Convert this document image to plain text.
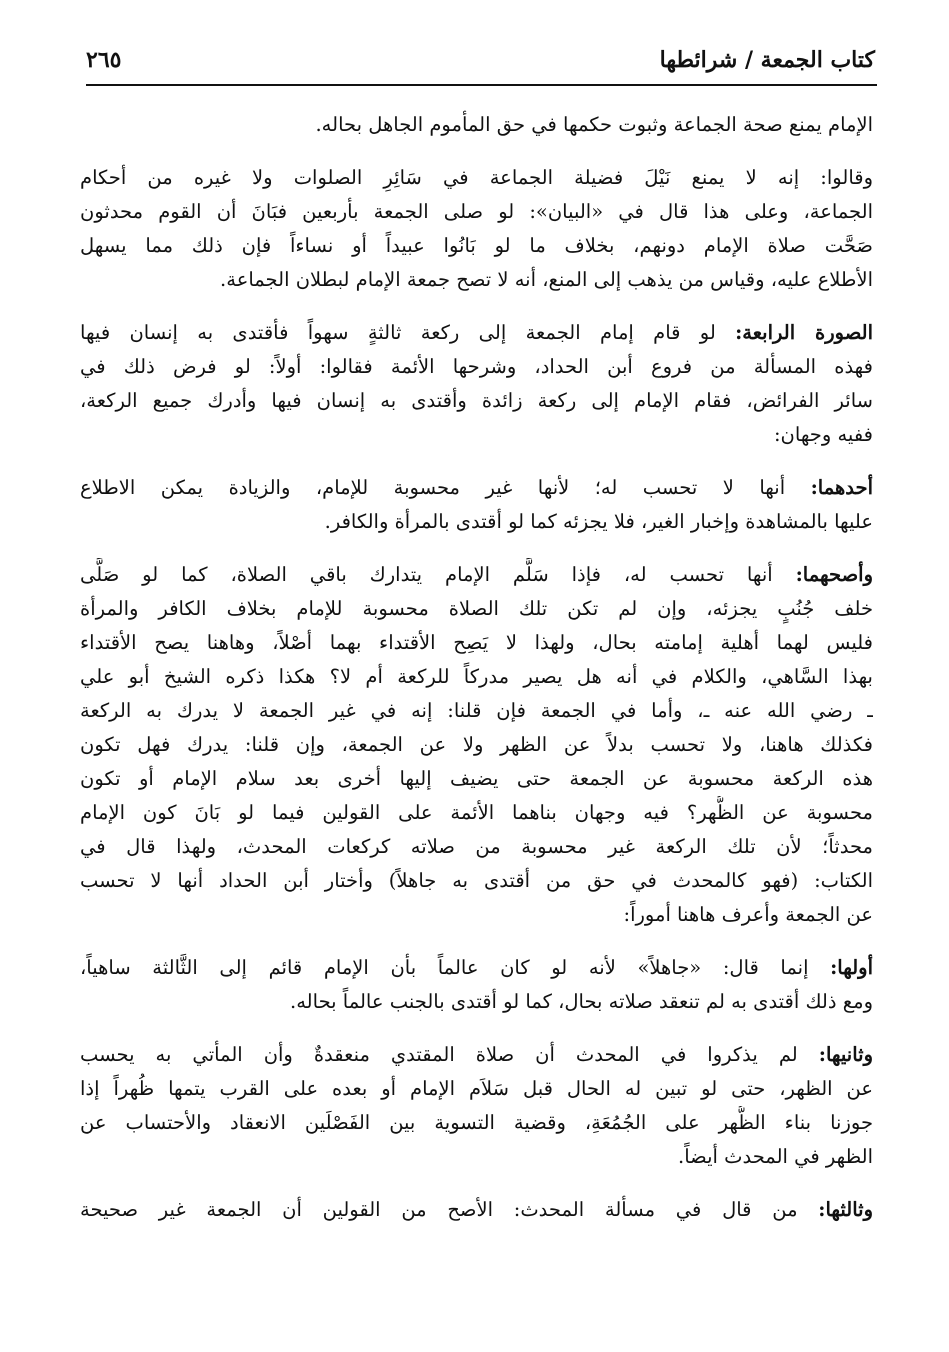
كتاب الجمعة / شرائطها
٢٦٥
الإمام يمنع صحة الجماعة وثبوت حكمها في حق المأموم الجاهل بحاله.
وقالوا: إنه لا يمنع نَيْلَ فضيلة الجماعة في سَائِرِ الصلوات ولا غيره من أحكام
الجماعة، وعلى هذا قال في «البيان»: لو صلى الجمعة بأربعين فبَانَ أن القوم محدثون
صَحَّت صلاة الإمام دونهم، بخلاف ما لو بَانُوا عبيداً أو نساءاً فإن ذلك مما يسهل
الأطلاع عليه، وقياس من يذهب إلى المنع، أنه لا تصح جمعة الإمام لبطلان الجماعة.
الصورة الرابعة: لو قام إمام الجمعة إلى ركعة ثالثةٍ سهواً فأقتدى به إنسان فيها
فهذه المسألة من فروع أبن الحداد، وشرحها الأئمة فقالوا: أولاً: لو فرض ذلك في
سائر الفرائض، فقام الإمام إلى ركعة زائدة وأقتدى به إنسان فيها وأدرك جميع الركعة،
ففيه وجهان:
أحدهما: أنها لا تحسب له؛ لأنها غير محسوبة للإمام، والزيادة يمكن الاطلاع
عليها بالمشاهدة وإخبار الغير، فلا يجزئه كما لو أقتدى بالمرأة والكافر.
وأصحهما: أنها تحسب له، فإذا سَلَّم الإمام يتدارك باقي الصلاة، كما لو صَلَّى
خلف جُنُبٍ يجزئه، وإن لم تكن تلك الصلاة محسوبة للإمام بخلاف الكافر والمرأة
فليس لهما أهلية إمامته بحال، ولهذا لا يَصِح الأقتداء بهما أصْلاً، وهاهنا يصح الأقتداء
بهذا السَّاهي، والكلام في أنه هل يصير مدركاً للركعة أم لا؟ هكذا ذكره الشيخ أبو علي
ـ رضي الله عنه ـ، وأما في الجمعة فإن قلنا: إنه في غير الجمعة لا يدرك به الركعة
فكذلك هاهنا، ولا تحسب بدلاً عن الظهر ولا عن الجمعة، وإن قلنا: يدرك فهل تكون
هذه الركعة محسوبة عن الجمعة حتى يضيف إليها أخرى بعد سلام الإمام أو تكون
محسوبة عن الظُّهر؟ فيه وجهان بناهما الأئمة على القولين فيما لو بَانَ كون الإمام
محدثاً؛ لأن تلك الركعة غير محسوبة من صلاته كركعات المحدث، ولهذا قال في
الكتاب: (فهو كالمحدث في حق من أقتدى به جاهلاً) وأختار أبن الحداد أنها لا تحسب
عن الجمعة وأعرف هاهنا أموراً:
أولها: إنما قال: «جاهلاً» لأنه لو كان عالماً بأن الإمام قائم إلى الثَّالثة ساهياً،
ومع ذلك أقتدى به لم تنعقد صلاته بحال، كما لو أقتدى بالجنب عالماً بحاله.
وثانيها: لم يذكروا في المحدث أن صلاة المقتدي منعقدةٌ وأن المأتي به يحسب
عن الظهر، حتى لو تبين له الحال قبل سَلاَم الإمام أو بعده على القرب يتمها ظُهراً إذا
جوزنا بناء الظُّهر على الجُمُعَةِ، وقضية التسوية بين الفَصْلَين الانعقاد والأحتساب عن
الظهر في المحدث أيضاً.
وثالثها: من قال في مسألة المحدث: الأصح من القولين أن الجمعة غير صحيحة
